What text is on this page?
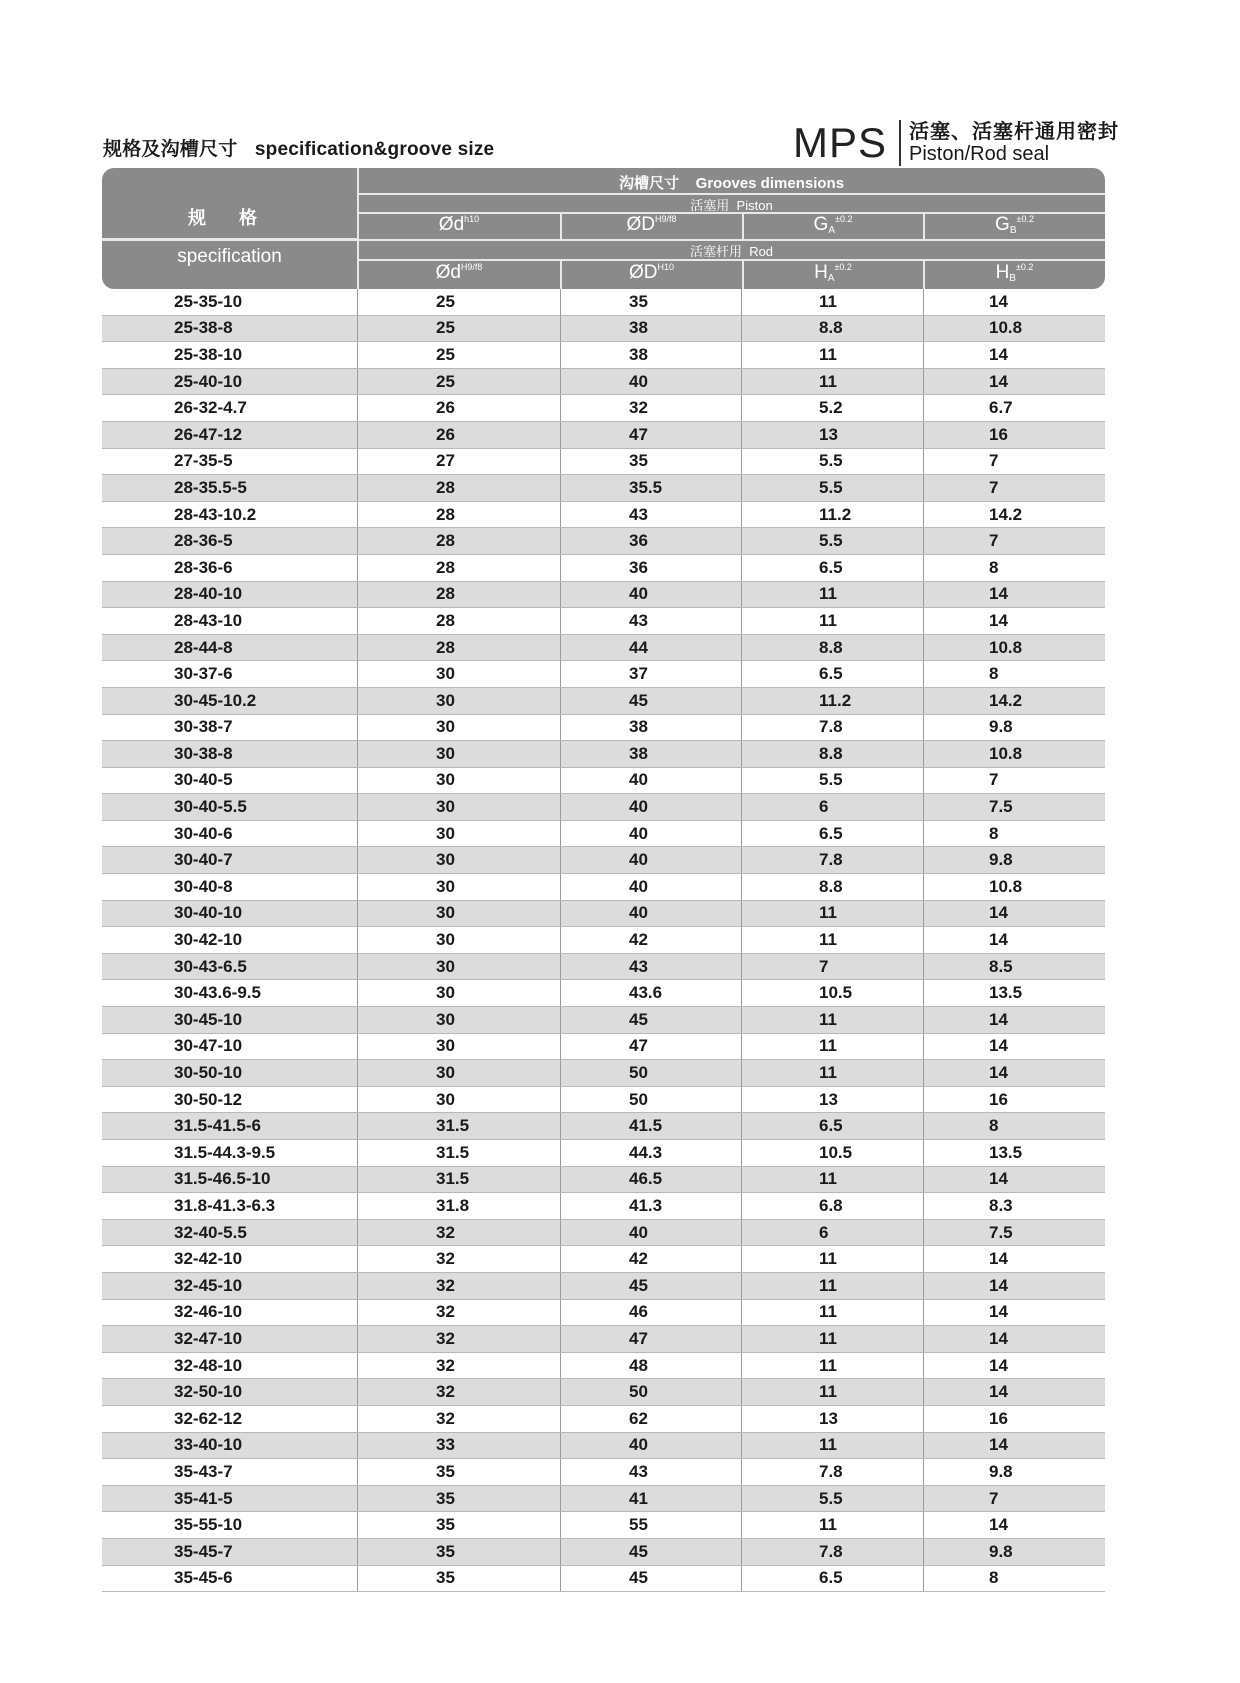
规格及沟槽尺寸 specification&groove size	MPS	活塞、活塞杆通用密封
Piston/Rod seal
规 格
specification
沟槽尺寸 Grooves dimensions
活塞用 Piston
活塞杆用 Rod
$Ød^{h10}$	$ØD^{H9/f8}$	$G_A^{\pm 0.2}$	$G_B^{\pm 0.2}$
$Ød^{H9/f8}$	$ØD^{H10}$	$H_A^{\pm 0.2}$	$H_B^{\pm 0.2}$
25-35-10	25	35	11	14
25-38-8	25	38	8.8	10.8
25-38-10	25	38	11	14
25-40-10	25	40	11	14
26-32-4.7	26	32	5.2	6.7
26-47-12	26	47	13	16
27-35-5	27	35	5.5	7
28-35.5-5	28	35.5	5.5	7
28-43-10.2	28	43	11.2	14.2
28-36-5	28	36	5.5	7
28-36-6	28	36	6.5	8
28-40-10	28	40	11	14
28-43-10	28	43	11	14
28-44-8	28	44	8.8	10.8
30-37-6	30	37	6.5	8
30-45-10.2	30	45	11.2	14.2
30-38-7	30	38	7.8	9.8
30-38-8	30	38	8.8	10.8
30-40-5	30	40	5.5	7
30-40-5.5	30	40	6	7.5
30-40-6	30	40	6.5	8
30-40-7	30	40	7.8	9.8
30-40-8	30	40	8.8	10.8
30-40-10	30	40	11	14
30-42-10	30	42	11	14
30-43-6.5	30	43	7	8.5
30-43.6-9.5	30	43.6	10.5	13.5
30-45-10	30	45	11	14
30-47-10	30	47	11	14
30-50-10	30	50	11	14
30-50-12	30	50	13	16
31.5-41.5-6	31.5	41.5	6.5	8
31.5-44.3-9.5	31.5	44.3	10.5	13.5
31.5-46.5-10	31.5	46.5	11	14
31.8-41.3-6.3	31.8	41.3	6.8	8.3
32-40-5.5	32	40	6	7.5
32-42-10	32	42	11	14
32-45-10	32	45	11	14
32-46-10	32	46	11	14
32-47-10	32	47	11	14
32-48-10	32	48	11	14
32-50-10	32	50	11	14
32-62-12	32	62	13	16
33-40-10	33	40	11	14
35-43-7	35	43	7.8	9.8
35-41-5	35	41	5.5	7
35-55-10	35	55	11	14
35-45-7	35	45	7.8	9.8
35-45-6	35	45	6.5	8
